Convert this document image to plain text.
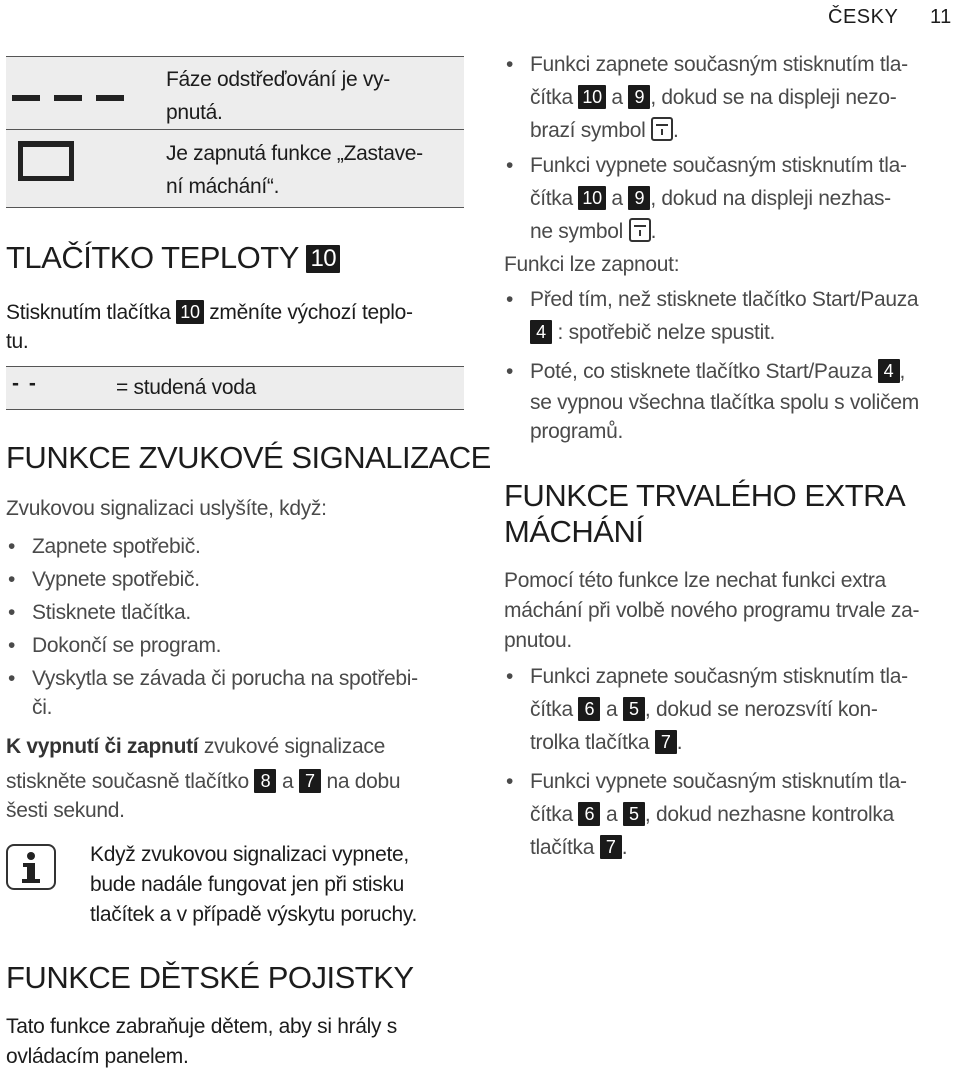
ČESKY 11
Fáze odstřeďování je vy-
pnutá.
Je zapnutá funkce „Zastave-
ní máchání“.
TLAČÍTKO TEPLOTY 10
Stisknutím tlačítka 10 změníte výchozí teplo-
tu.
- -	= studená voda
FUNKCE ZVUKOVÉ SIGNALIZACE
Zvukovou signalizaci uslyšíte, když:
• Zapnete spotřebič.
• Vypnete spotřebič.
• Stisknete tlačítka.
• Dokončí se program.
• Vyskytla se závada či porucha na spotřebi-
či.
K vypnutí či zapnutí zvukové signalizace
stiskněte současně tlačítko 8 a 7 na dobu
šesti sekund.
Když zvukovou signalizaci vypnete,
bude nadále fungovat jen při stisku
tlačítek a v případě výskytu poruchy.
FUNKCE DĚTSKÉ POJISTKY
Tato funkce zabraňuje dětem, aby si hrály s
ovládacím panelem.
• Funkci zapnete současným stisknutím tla-
čítka 10 a 9 , dokud se na displeji nezo-
brazí symbol .
• Funkci vypnete současným stisknutím tla-
čítka 10 a 9 , dokud na displeji nezhas-
ne symbol .
Funkci lze zapnout:
• Před tím, než stisknete tlačítko Start/Pauza
4 : spotřebič nelze spustit.
• Poté, co stisknete tlačítko Start/Pauza 4 ,
se vypnou všechna tlačítka spolu s voličem
programů.
FUNKCE TRVALÉHO EXTRA
MÁCHÁNÍ
Pomocí této funkce lze nechat funkci extra
máchání při volbě nového programu trvale za-
pnutou.
• Funkci zapnete současným stisknutím tla-
čítka 6 a 5 , dokud se nerozsvítí kon-
trolka tlačítka 7 .
• Funkci vypnete současným stisknutím tla-
čítka 6 a 5 , dokud nezhasne kontrolka
tlačítka 7 .
